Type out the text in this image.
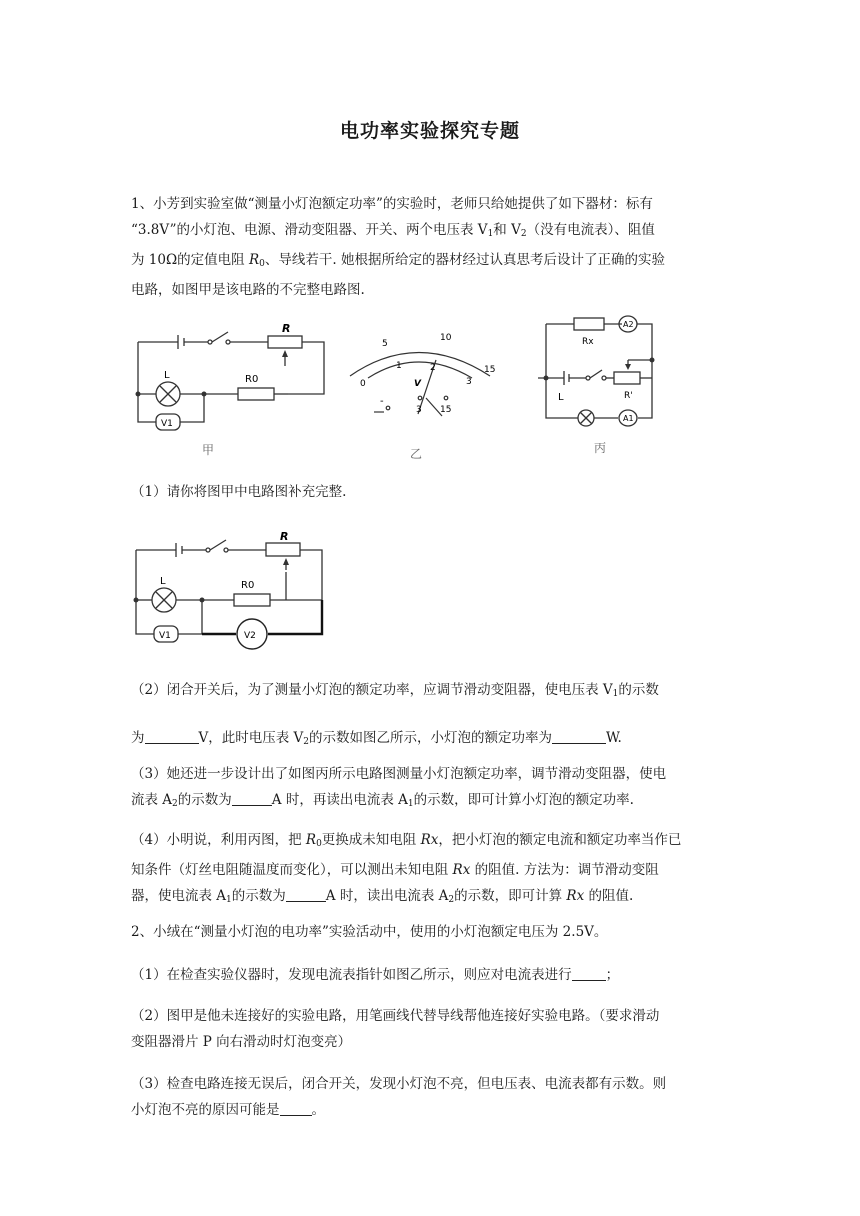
电功率实验探究专题
1、小芳到实验室做“测量小灯泡额定功率”的实验时，老师只给她提供了如下器材：标有
“3.8V”的小灯泡、电源、滑动变阻器、开关、两个电压表 $V_1$和 $V_2$（没有电流表）、阻值
为 10Ω的定值电阻 $R_0$、导线若干. 她根据所给定的器材经过认真思考后设计了正确的实验
电路，如图甲是该电路的不完整电路图.
R
L	R0
V1
甲
0
5
10
15
1	2
3
V
-
3 15
乙
Rx
A2
R'
L
A1
丙
（1）请你将图甲中电路图补充完整.
R
L	R0
V1	V2
（2）闭合开关后，为了测量小灯泡的额定功率，应调节滑动变阻器，使电压表 $V_1$的示数
为	V，此时电压表 $V_2$的示数如图乙所示，小灯泡的额定功率为	W.
（3）她还进一步设计出了如图丙所示电路图测量小灯泡额定功率，调节滑动变阻器，使电
流表 $A_2$的示数为	A 时，再读出电流表 $A_1$的示数，即可计算小灯泡的额定功率.
（4）小明说，利用丙图，把 $R_0$更换成未知电阻 Rx，把小灯泡的额定电流和额定功率当作已
知条件（灯丝电阻随温度而变化），可以测出未知电阻 Rx 的阻值. 方法为：调节滑动变阻
器，使电流表 $A_1$的示数为	A 时，读出电流表 $A_2$的示数，即可计算 Rx 的阻值.
2、小绒在“测量小灯泡的电功率”实验活动中，使用的小灯泡额定电压为 2.5V。
（1）在检查实验仪器时，发现电流表指针如图乙所示，则应对电流表进行	；
（2）图甲是他未连接好的实验电路，用笔画线代替导线帮他连接好实验电路。（要求滑动
变阻器滑片 P 向右滑动时灯泡变亮）
（3）检查电路连接无误后，闭合开关，发现小灯泡不亮，但电压表、电流表都有示数。则
小灯泡不亮的原因可能是 。
